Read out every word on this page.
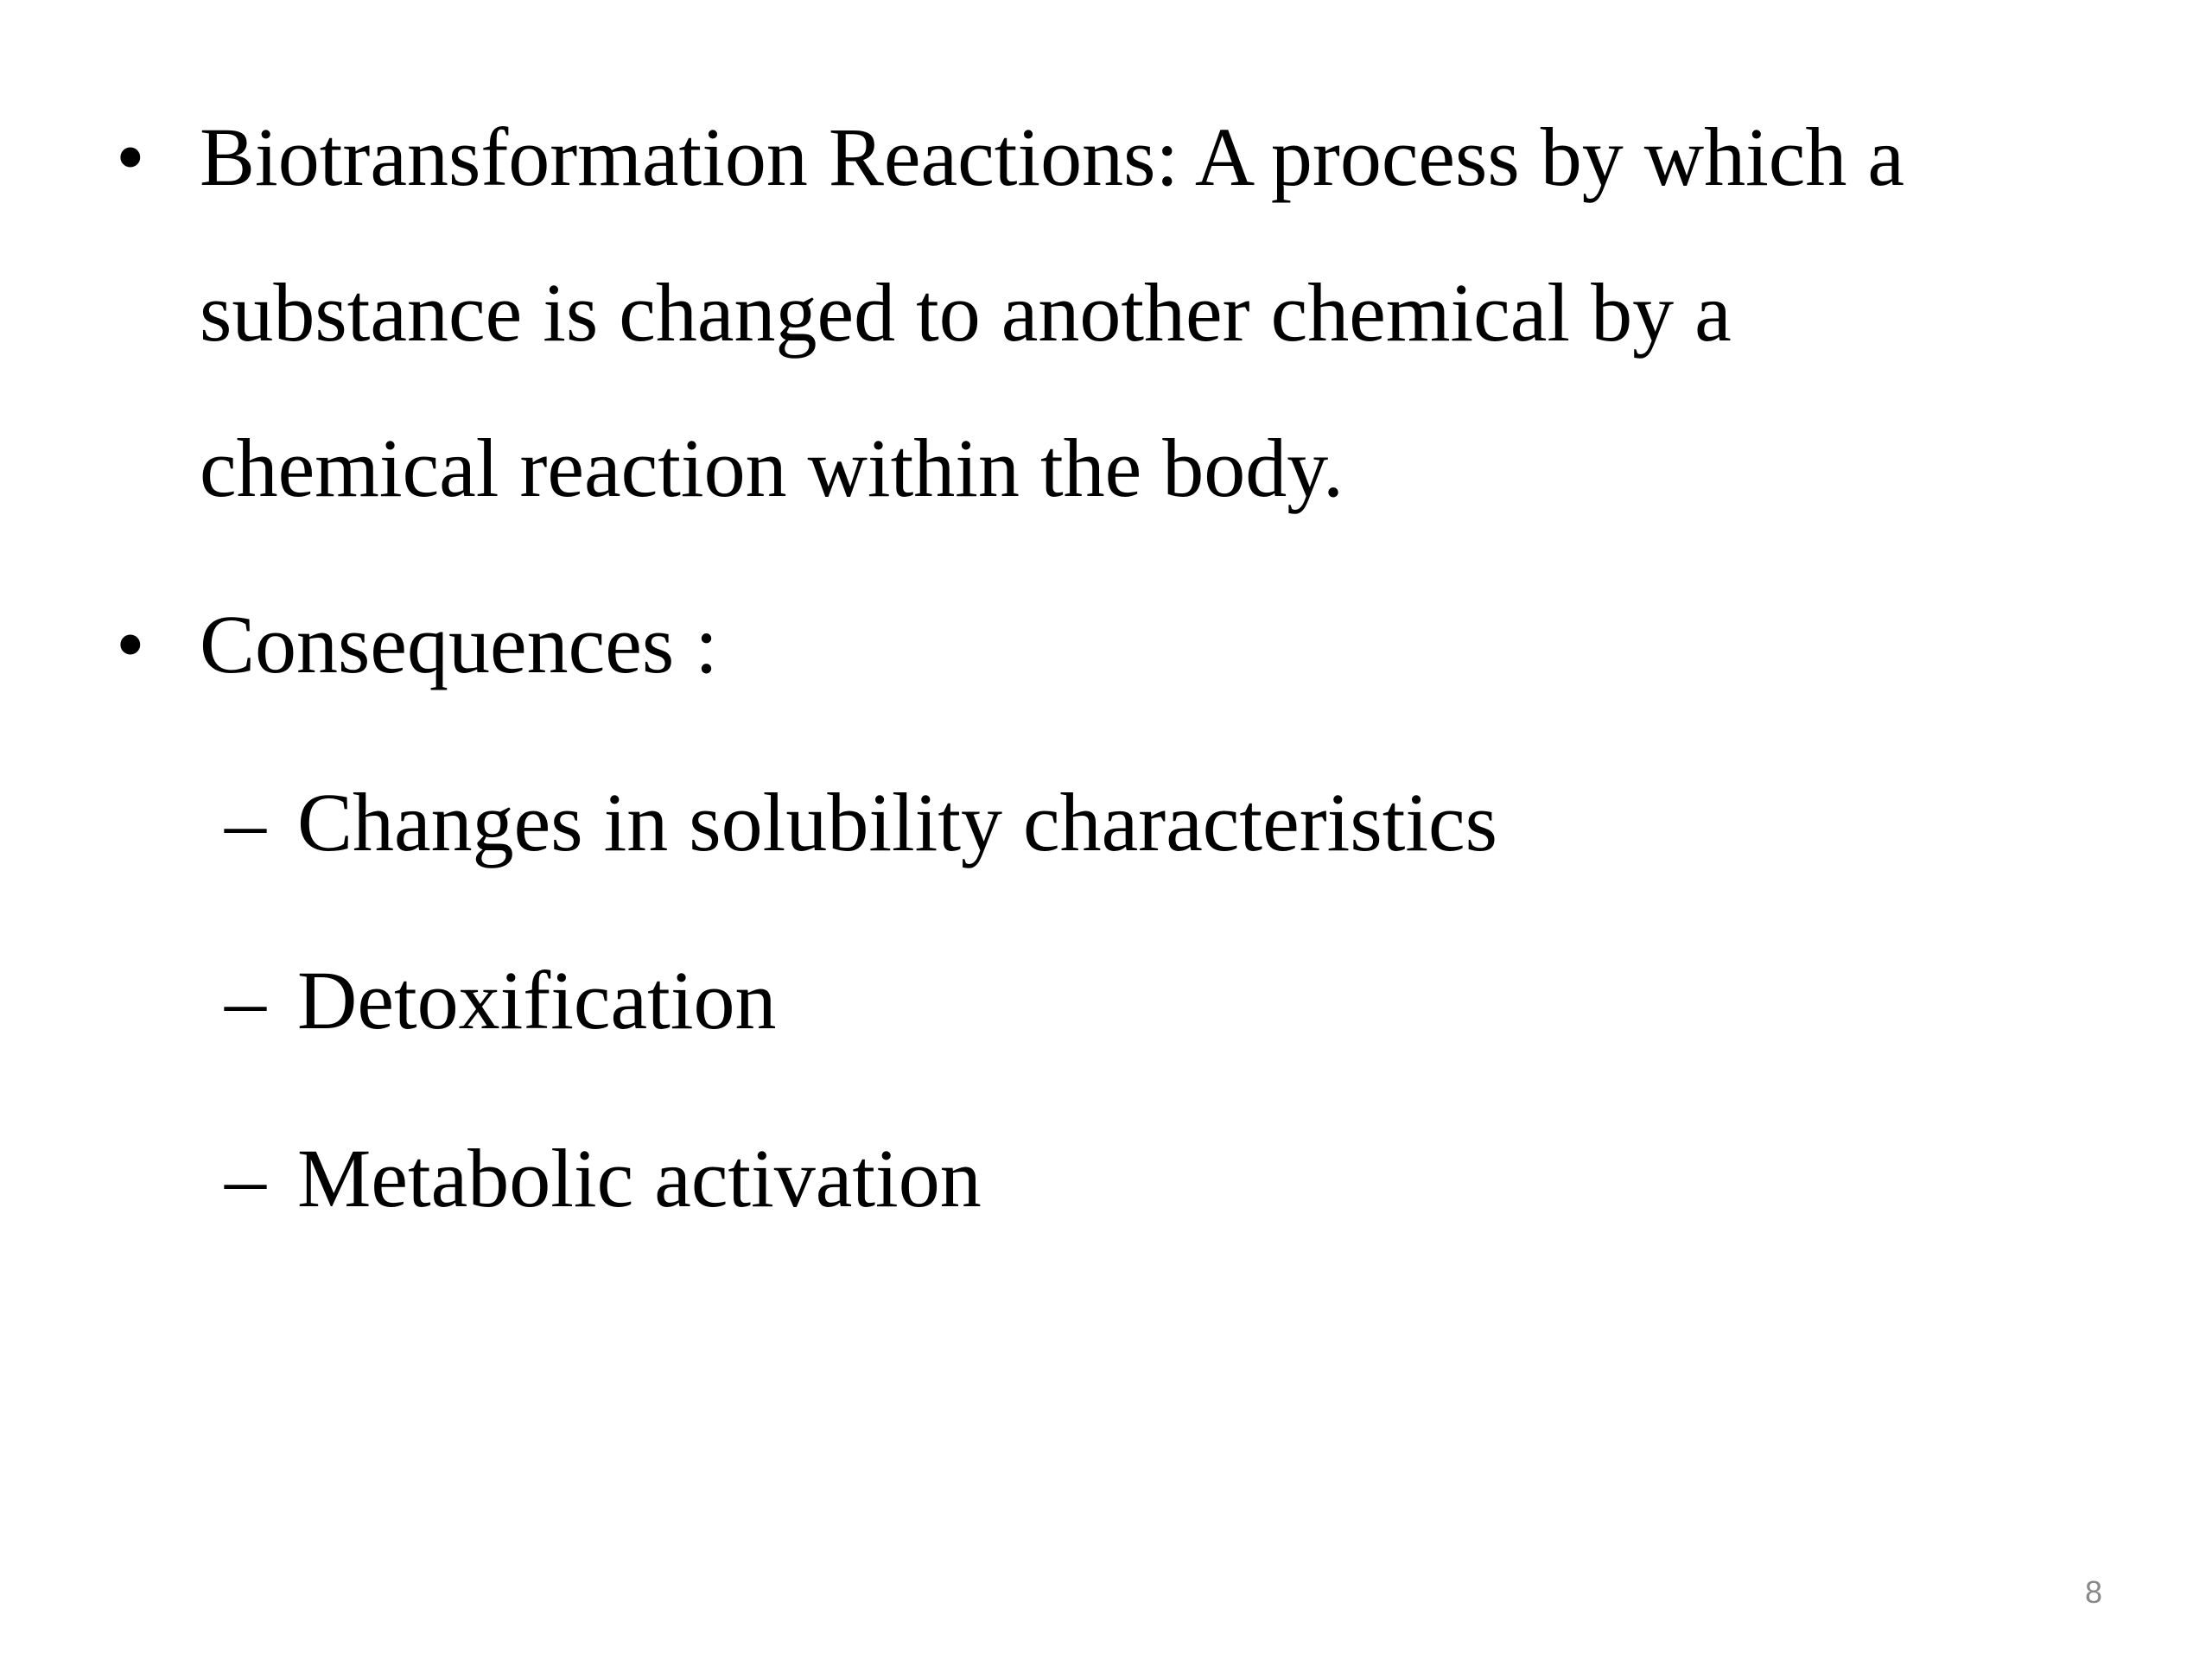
• Biotransformation Reactions: A process by which a
substance is changed to another chemical by a
chemical reaction within the body.
• Consequences :
– Changes in solubility characteristics
– Detoxification
– Metabolic activation
8
